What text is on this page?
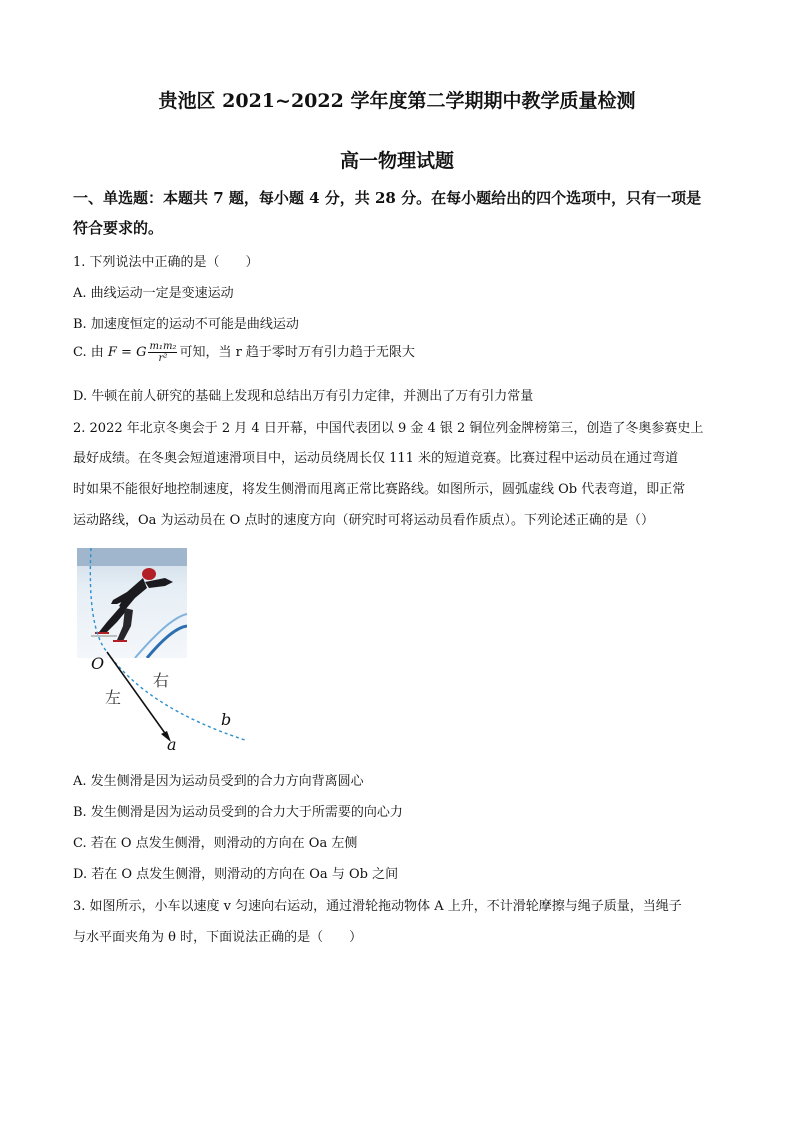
贵池区 2021~2022 学年度第二学期期中教学质量检测
高一物理试题
一、单选题：本题共 7 题，每小题 4 分，共 28 分。在每小题给出的四个选项中，只有一项是
符合要求的。
1. 下列说法中正确的是（　　）
A. 曲线运动一定是变速运动
B. 加速度恒定的运动不可能是曲线运动
C. 由 F = G $\frac{\text{m₁m₂}}{\text{r²}}$ 可知，当 r 趋于零时万有引力趋于无限大
D. 牛顿在前人研究的基础上发现和总结出万有引力定律，并测出了万有引力常量
2. 2022 年北京冬奥会于 2 月 4 日开幕，中国代表团以 9 金 4 银 2 铜位列金牌榜第三，创造了冬奥参赛史上
最好成绩。在冬奥会短道速滑项目中，运动员绕周长仅 111 米的短道竞赛。比赛过程中运动员在通过弯道
时如果不能很好地控制速度，将发生侧滑而甩离正常比赛路线。如图所示，圆弧虚线 Ob 代表弯道，即正常
运动路线，Oa 为运动员在 O 点时的速度方向（研究时可将运动员看作质点）。下列论述正确的是（）
O
左
右
b
a
A. 发生侧滑是因为运动员受到的合力方向背离圆心
B. 发生侧滑是因为运动员受到的合力大于所需要的向心力
C. 若在 O 点发生侧滑，则滑动的方向在 Oa 左侧
D. 若在 O 点发生侧滑，则滑动的方向在 Oa 与 Ob 之间
3. 如图所示，小车以速度 v 匀速向右运动，通过滑轮拖动物体 A 上升，不计滑轮摩擦与绳子质量，当绳子
与水平面夹角为 θ 时，下面说法正确的是（　　）
